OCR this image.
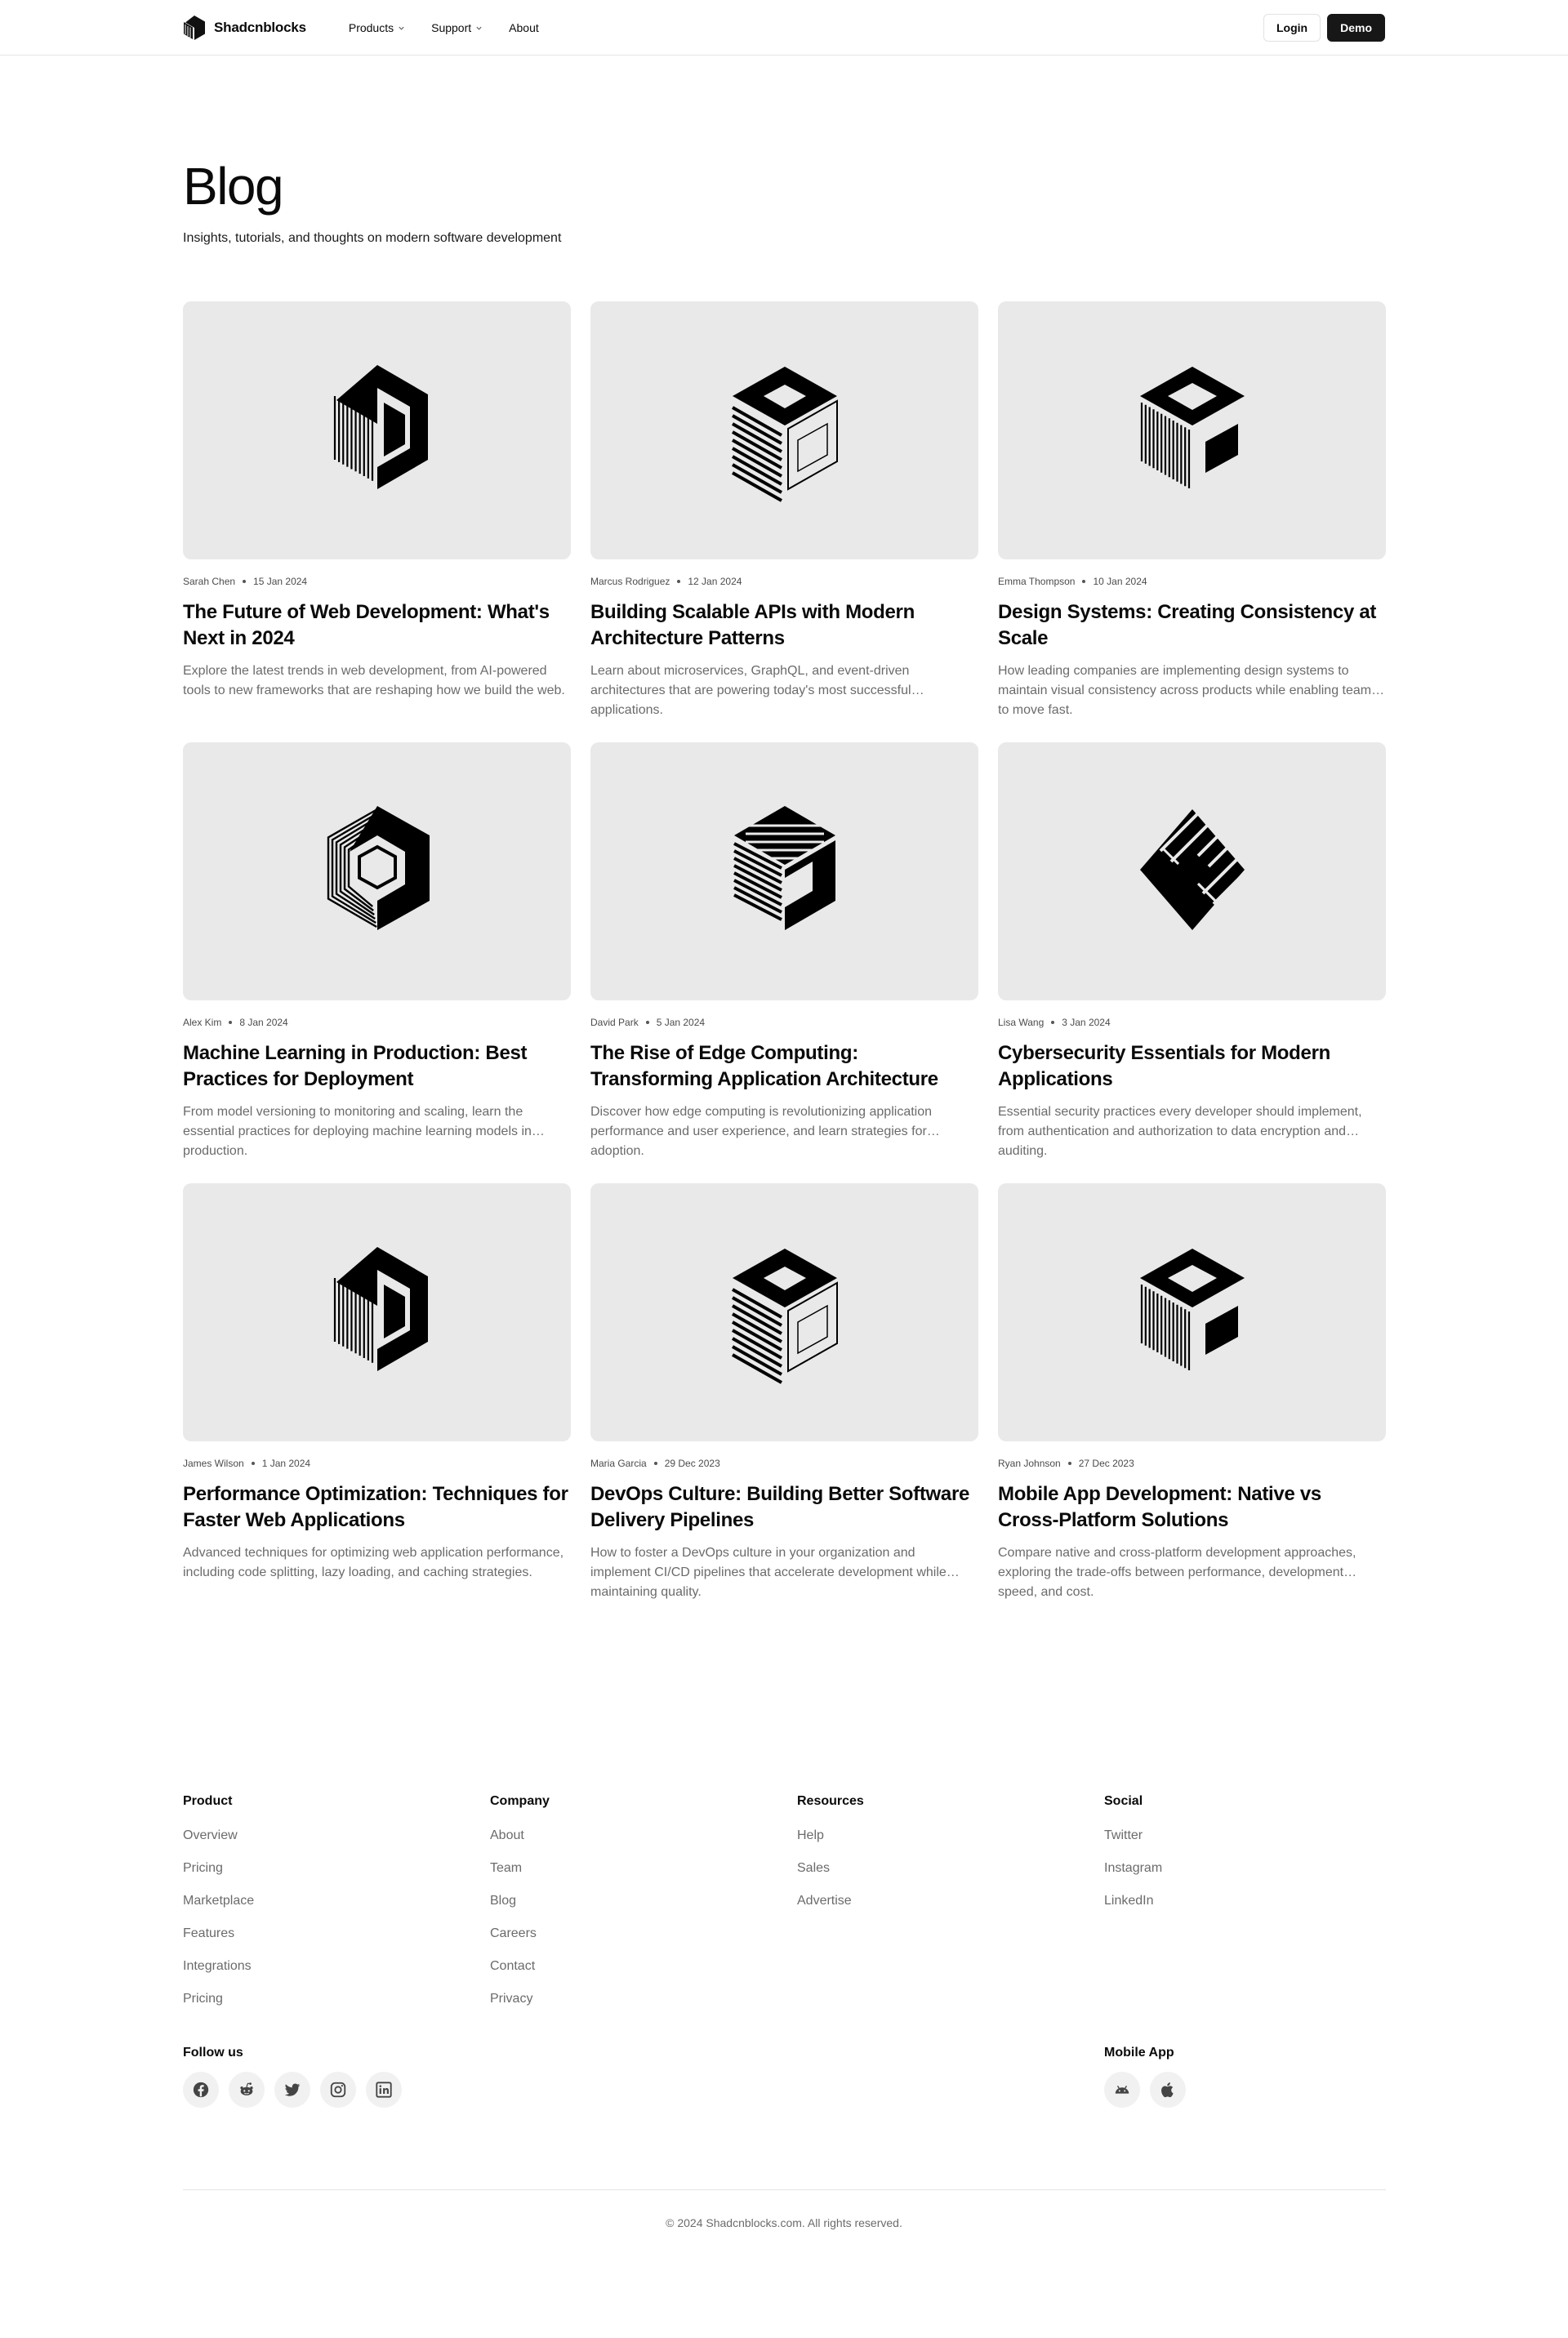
Shadcnblocks	Products	Support	About	Login	Demo
Blog

Insights, tutorials, and thoughts on modern software development

Sarah Chen 15 Jan 2024
The Future of Web Development: What's Next in 2024

Explore the latest trends in web development, from AI-powered tools to new frameworks that are reshaping how we build the web.

Marcus Rodriguez 12 Jan 2024
Building Scalable APIs with Modern Architecture Patterns

Learn about microservices, GraphQL, and event-driven architectures that are powering today's most successful applications.

Emma Thompson 10 Jan 2024
Design Systems: Creating Consistency at Scale

How leading companies are implementing design systems to maintain visual consistency across products while enabling teams to move fast.

Alex Kim 8 Jan 2024
Machine Learning in Production: Best Practices for Deployment

From model versioning to monitoring and scaling, learn the essential practices for deploying machine learning models in production.

David Park 5 Jan 2024
The Rise of Edge Computing: Transforming Application Architecture

Discover how edge computing is revolutionizing application performance and user experience, and learn strategies for adoption.

Lisa Wang 3 Jan 2024
Cybersecurity Essentials for Modern Applications

Essential security practices every developer should implement, from authentication and authorization to data encryption and auditing.

James Wilson 1 Jan 2024
Performance Optimization: Techniques for Faster Web Applications

Advanced techniques for optimizing web application performance, including code splitting, lazy loading, and caching strategies.

Maria Garcia 29 Dec 2023
DevOps Culture: Building Better Software Delivery Pipelines

How to foster a DevOps culture in your organization and implement CI/CD pipelines that accelerate development while maintaining quality.

Ryan Johnson 27 Dec 2023
Mobile App Development: Native vs Cross-Platform Solutions

Compare native and cross-platform development approaches, exploring the trade-offs between performance, development speed, and cost.

Product
Overview
Pricing
Marketplace
Features
Integrations
Pricing
Company
About
Team
Blog
Careers
Contact
Privacy
Resources
Help
Sales
Advertise
Social
Twitter
Instagram
LinkedIn
Follow us	Mobile App
© 2024 Shadcnblocks.com. All rights reserved.
